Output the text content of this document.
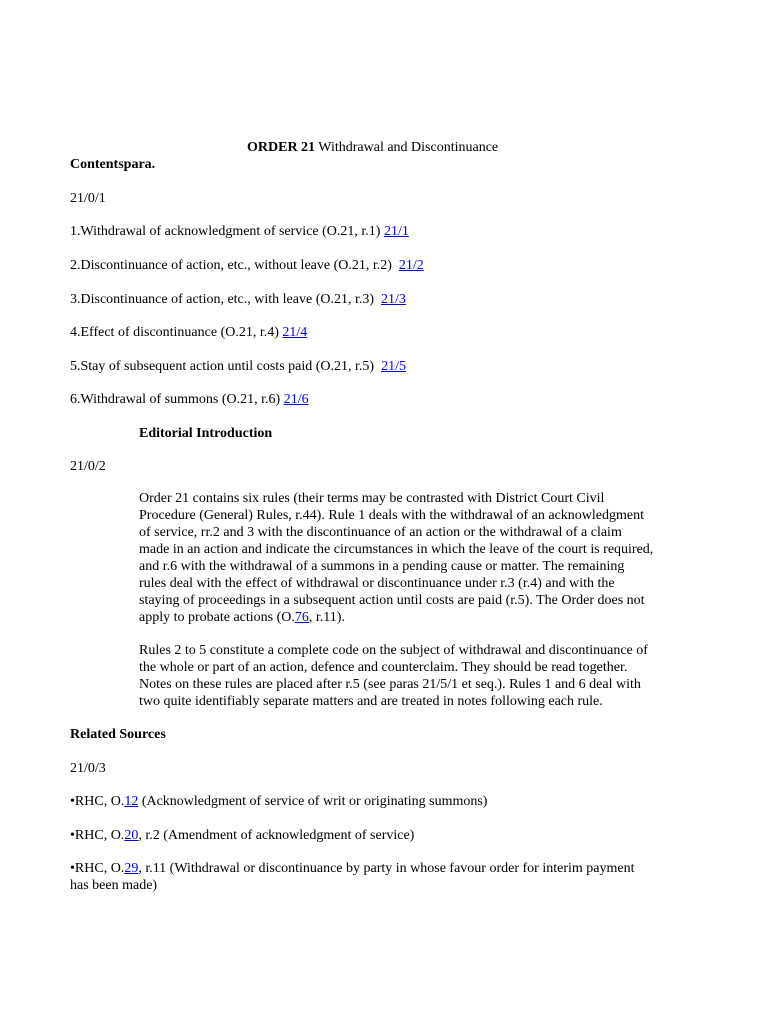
ORDER 21 Withdrawal and Discontinuance
Contentspara.
21/0/1
1.Withdrawal of acknowledgment of service (O.21, r.1) 21/1
2.Discontinuance of action, etc., without leave (O.21, r.2)  21/2
3.Discontinuance of action, etc., with leave (O.21, r.3)  21/3
4.Effect of discontinuance (O.21, r.4) 21/4
5.Stay of subsequent action until costs paid (O.21, r.5)  21/5
6.Withdrawal of summons (O.21, r.6) 21/6
Editorial Introduction
21/0/2
Order 21 contains six rules (their terms may be contrasted with District Court Civil
Procedure (General) Rules, r.44). Rule 1 deals with the withdrawal of an acknowledgment
of service, rr.2 and 3 with the discontinuance of an action or the withdrawal of a claim
made in an action and indicate the circumstances in which the leave of the court is required,
and r.6 with the withdrawal of a summons in a pending cause or matter. The remaining
rules deal with the effect of withdrawal or discontinuance under r.3 (r.4) and with the
staying of proceedings in a subsequent action until costs are paid (r.5). The Order does not
apply to probate actions (O.76, r.11).
Rules 2 to 5 constitute a complete code on the subject of withdrawal and discontinuance of
the whole or part of an action, defence and counterclaim. They should be read together.
Notes on these rules are placed after r.5 (see paras 21/5/1 et seq.). Rules 1 and 6 deal with
two quite identifiably separate matters and are treated in notes following each rule.
Related Sources
21/0/3
•RHC, O.12 (Acknowledgment of service of writ or originating summons)
•RHC, O.20, r.2 (Amendment of acknowledgment of service)
•RHC, O.29, r.11 (Withdrawal or discontinuance by party in whose favour order for interim payment
has been made)
